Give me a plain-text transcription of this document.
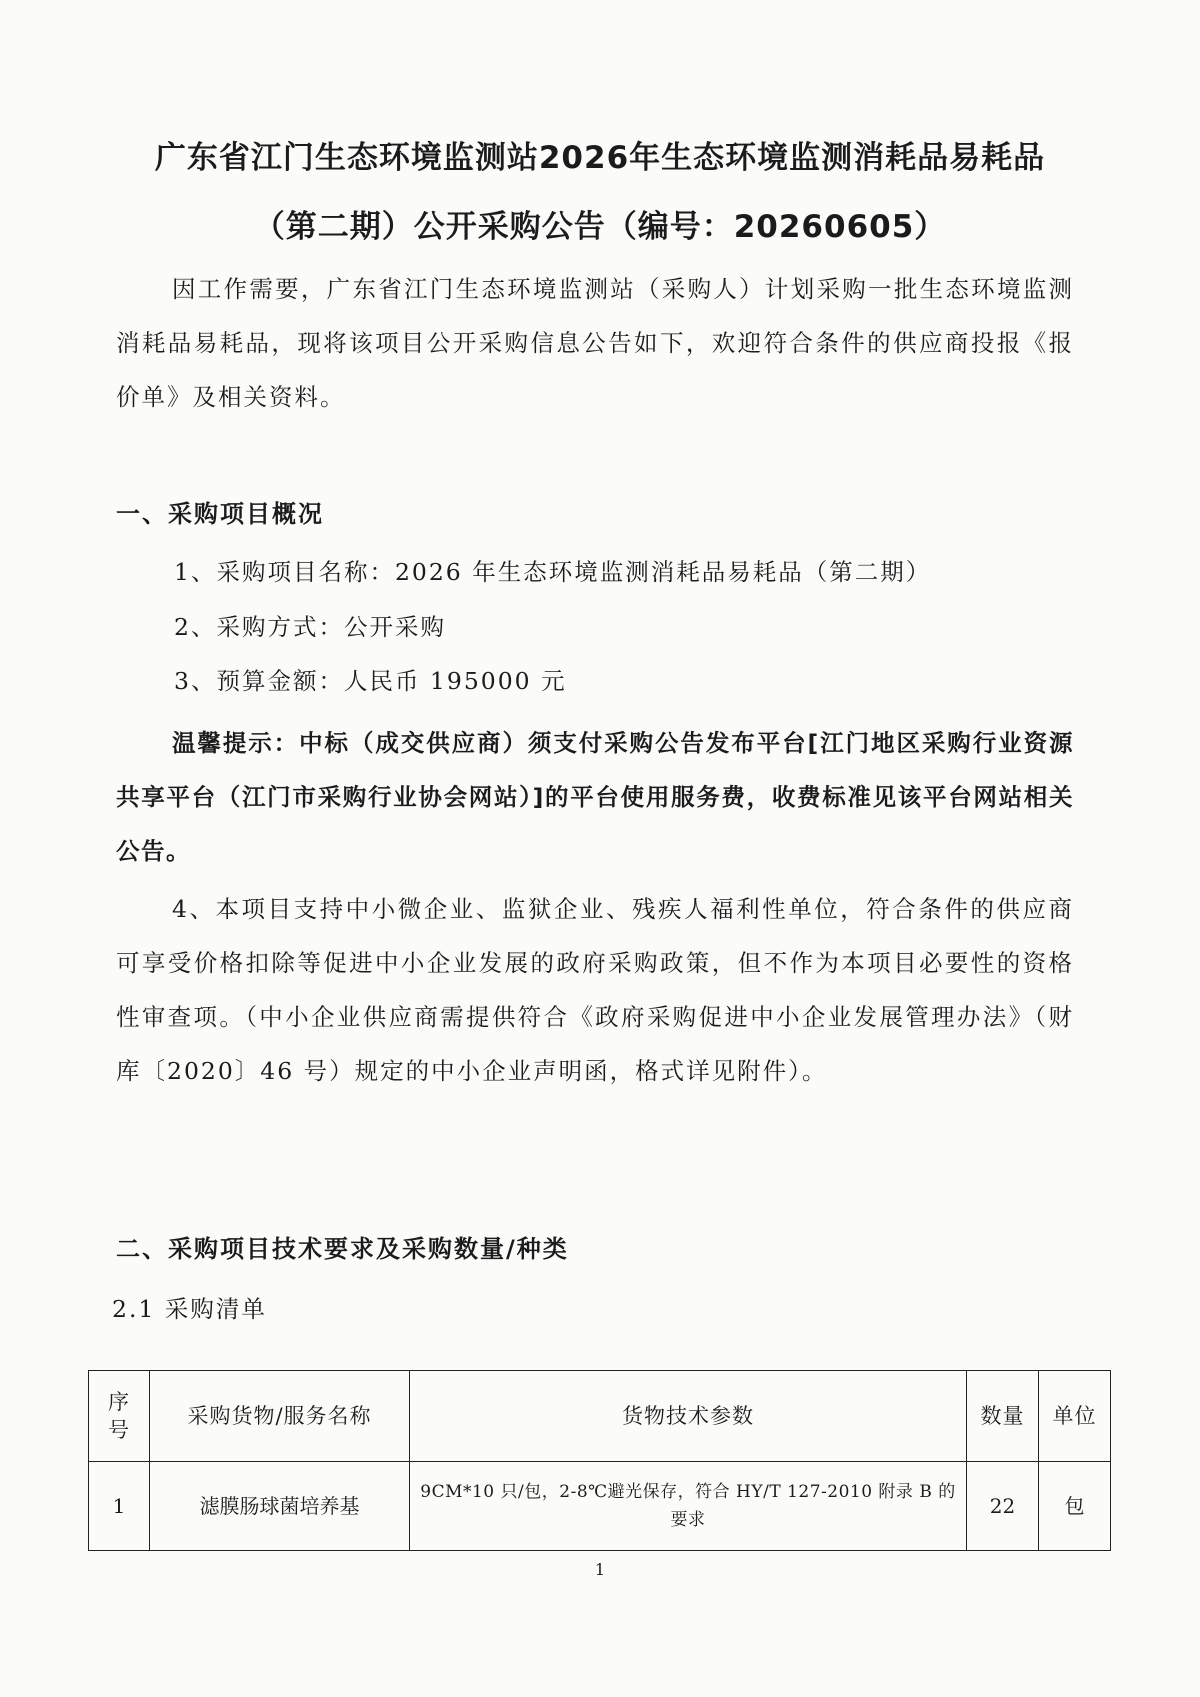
广东省江门生态环境监测站2026年生态环境监测消耗品易耗品
（第二期）公开采购公告（编号：20260605）

因工作需要，广东省江门生态环境监测站（采购人）计划采购一批生态环境监测消耗品易耗品，现将该项目公开采购信息公告如下，欢迎符合条件的供应商投报《报价单》及相关资料。

一、采购项目概况

1、采购项目名称：2026 年生态环境监测消耗品易耗品（第二期）

2、采购方式：公开采购

3、预算金额：人民币 195000 元

温馨提示：中标（成交供应商）须支付采购公告发布平台[江门地区采购行业资源共享平台（江门市采购行业协会网站）]的平台使用服务费，收费标准见该平台网站相关公告。

4、本项目支持中小微企业、监狱企业、残疾人福利性单位，符合条件的供应商可享受价格扣除等促进中小企业发展的政府采购政策，但不作为本项目必要性的资格性审查项。（中小企业供应商需提供符合《政府采购促进中小企业发展管理办法》（财库〔2020〕46 号）规定的中小企业声明函，格式详见附件）。

二、采购项目技术要求及采购数量/种类

2.1 采购清单

序号	采购货物/服务名称	货物技术参数	数量	单位
1	滤膜肠球菌培养基	9CM*10 只/包，2-8℃避光保存，符合 HY/T 127-2010 附录 B 的要求	22	包

1
